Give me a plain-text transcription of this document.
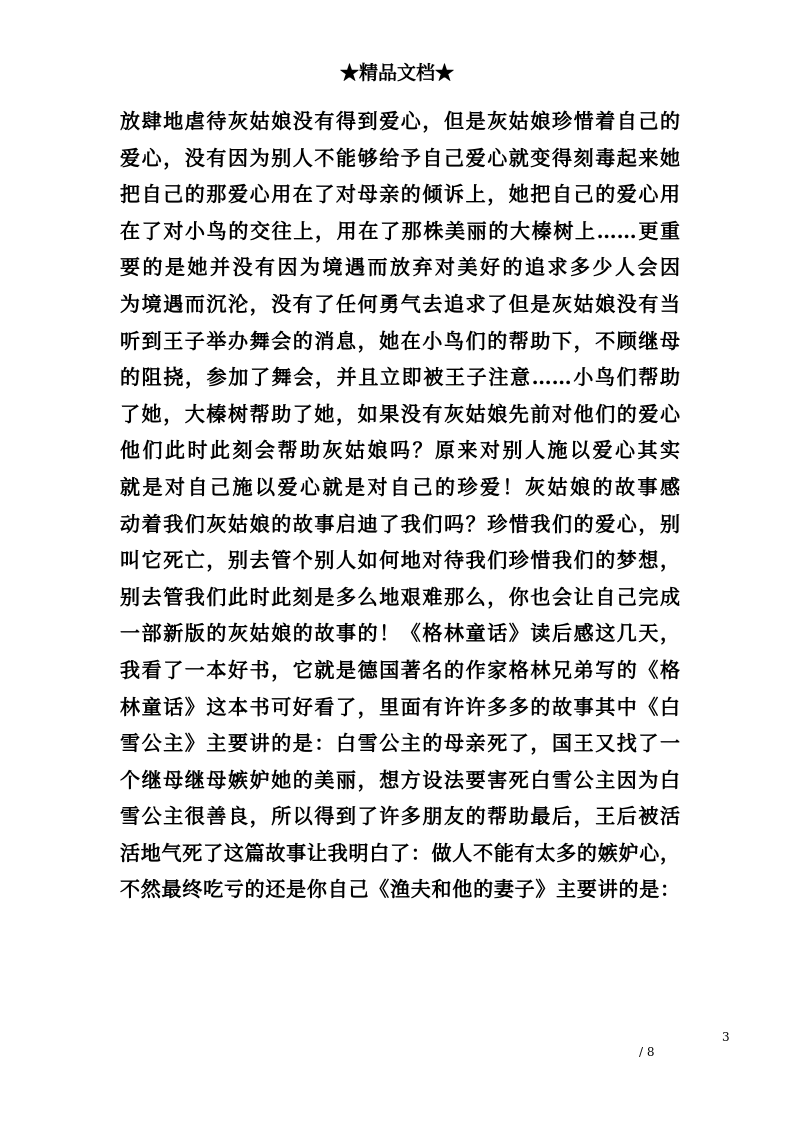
★精品文档★
放肆地虐待灰姑娘没有得到爱心，但是灰姑娘珍惜着自己的
爱心，没有因为别人不能够给予自己爱心就变得刻毒起来她
把自己的那爱心用在了对母亲的倾诉上，她把自己的爱心用
在了对小鸟的交往上，用在了那株美丽的大榛树上……更重
要的是她并没有因为境遇而放弃对美好的追求多少人会因
为境遇而沉沦，没有了任何勇气去追求了但是灰姑娘没有当
听到王子举办舞会的消息，她在小鸟们的帮助下，不顾继母
的阻挠，参加了舞会，并且立即被王子注意……小鸟们帮助
了她，大榛树帮助了她，如果没有灰姑娘先前对他们的爱心
他们此时此刻会帮助灰姑娘吗？原来对别人施以爱心其实
就是对自己施以爱心就是对自己的珍爱！灰姑娘的故事感
动着我们灰姑娘的故事启迪了我们吗？珍惜我们的爱心，别
叫它死亡，别去管个别人如何地对待我们珍惜我们的梦想，
别去管我们此时此刻是多么地艰难那么，你也会让自己完成
一部新版的灰姑娘的故事的！《格林童话》读后感这几天，
我看了一本好书，它就是德国著名的作家格林兄弟写的《格
林童话》这本书可好看了，里面有许许多多的故事其中《白
雪公主》主要讲的是：白雪公主的母亲死了，国王又找了一
个继母继母嫉妒她的美丽，想方设法要害死白雪公主因为白
雪公主很善良，所以得到了许多朋友的帮助最后，王后被活
活地气死了这篇故事让我明白了：做人不能有太多的嫉妒心，
不然最终吃亏的还是你自己《渔夫和他的妻子》主要讲的是：
3
/ 8
